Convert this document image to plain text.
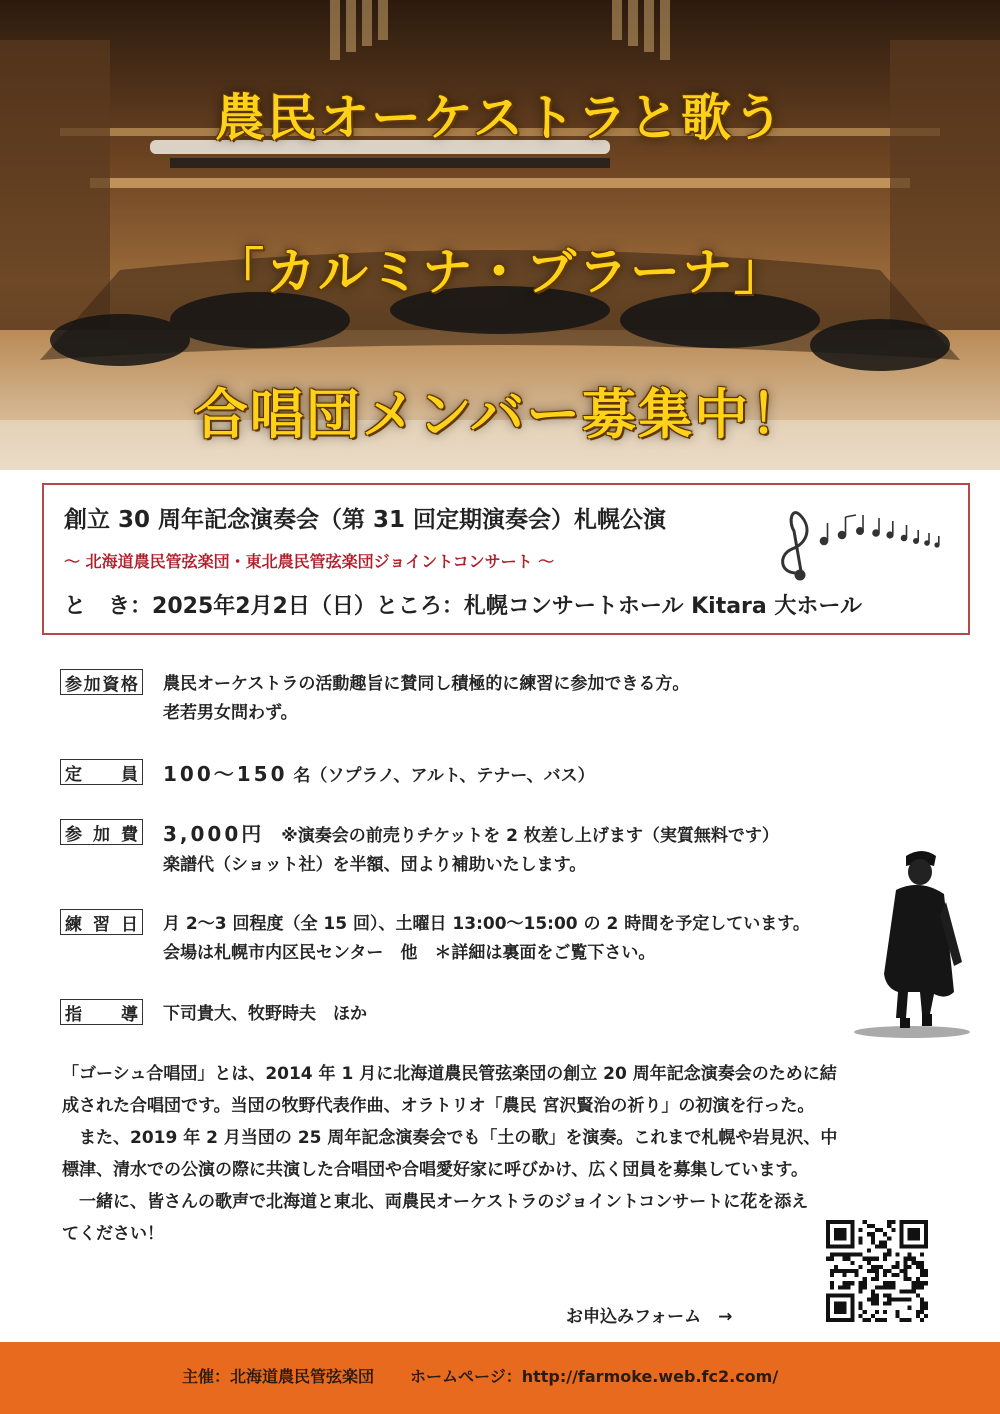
農民オーケストラと歌う
「カルミナ・ブラーナ」
合唱団メンバー募集中！
創立 30 周年記念演奏会（第 31 回定期演奏会）札幌公演
～ 北海道農民管弦楽団・東北農民管弦楽団ジョイントコンサート ～
と　き：2025年2月2日（日）ところ：札幌コンサートホール Kitara 大ホール
参 加 資 格 農民オーケストラの活動趣旨に賛同し積極的に練習に参加できる方。
老若男女問わず。
定 員 100～150 名（ソプラノ、アルト、テナー、バス）
参 加 費 3,000円　※演奏会の前売りチケットを 2 枚差し上げます（実質無料です）
楽譜代（ショット社）を半額、団より補助いたします。
練 習 日 月 2～3 回程度（全 15 回）、土曜日 13:00～15:00 の 2 時間を予定しています。
会場は札幌市内区民センター　他　＊詳細は裏面をご覧下さい。
指 導 下司貴大、牧野時夫　ほか

「ゴーシュ合唱団」とは、2014 年 1 月に北海道農民管弦楽団の創立 20 周年記念演奏会のために結

成された合唱団です。当団の牧野代表作曲、オラトリオ「農民 宮沢賢治の祈り」の初演を行った。

　また、2019 年 2 月当団の 25 周年記念演奏会でも「土の歌」を演奏。これまで札幌や岩見沢、中

標津、清水での公演の際に共演した合唱団や合唱愛好家に呼びかけ、広く団員を募集しています。

　一緒に、皆さんの歌声で北海道と東北、両農民オーケストラのジョイントコンサートに花を添え

てください！

お申込みフォーム　→
主催：北海道農民管弦楽団 ホームページ：http://farmoke.web.fc2.com/
